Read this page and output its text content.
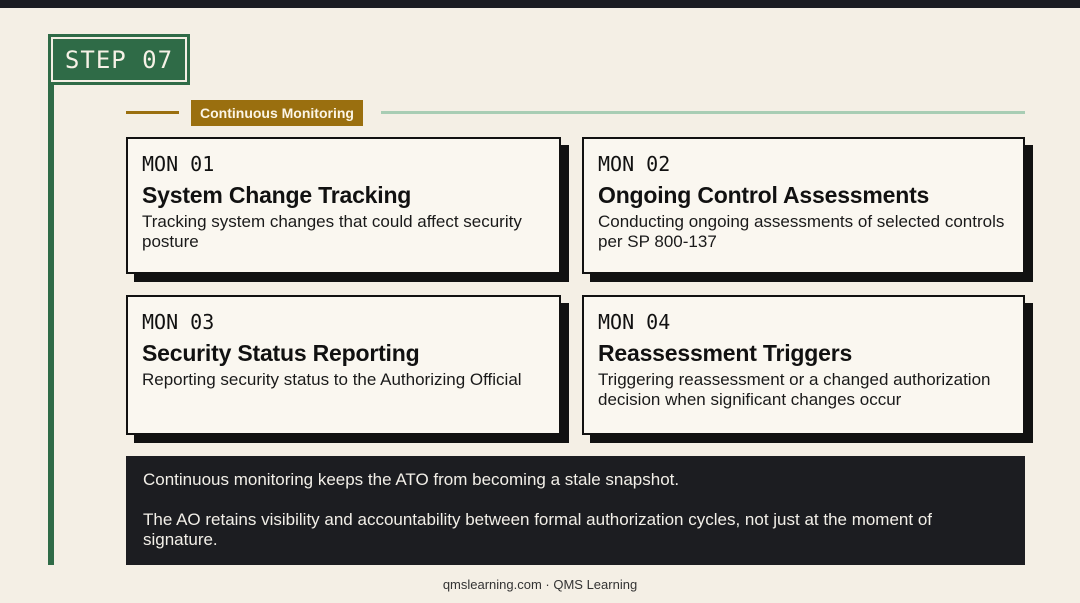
STEP 07
Continuous Monitoring
MON 01
System Change Tracking
Tracking system changes that could affect security posture
MON 02
Ongoing Control Assessments
Conducting ongoing assessments of selected controls per SP 800-137
MON 03
Security Status Reporting
Reporting security status to the Authorizing Official
MON 04
Reassessment Triggers
Triggering reassessment or a changed authorization decision when significant changes occur

Continuous monitoring keeps the ATO from becoming a stale snapshot.

The AO retains visibility and accountability between formal authorization cycles, not just at the moment of signature.

qmslearning.com · QMS Learning
